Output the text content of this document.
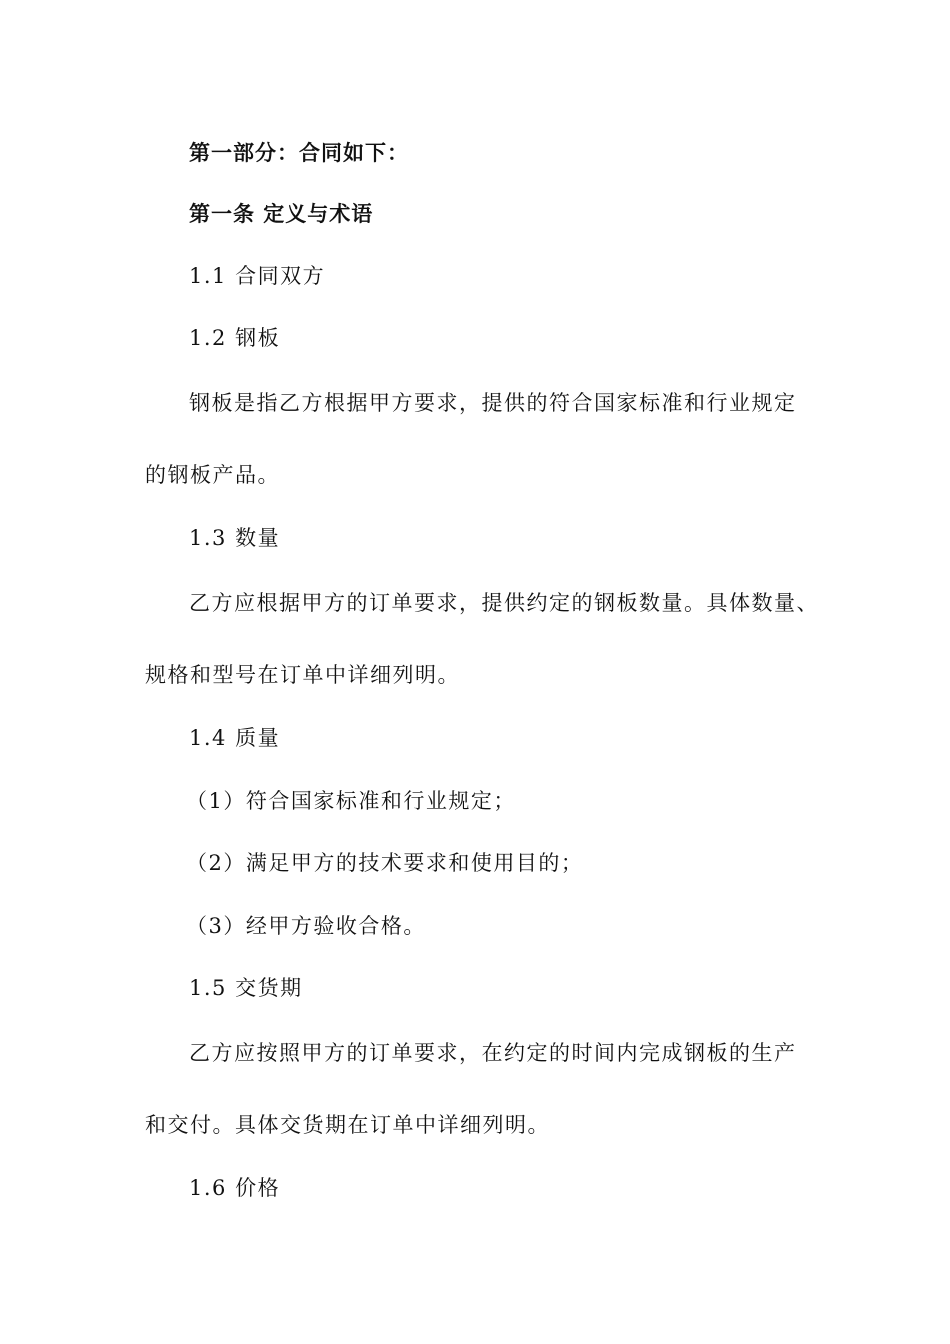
第一部分：合同如下：
第一条 定义与术语
1.1 合同双方
1.2 钢板
钢板是指乙方根据甲方要求，提供的符合国家标准和行业规定
的钢板产品。
1.3 数量
乙方应根据甲方的订单要求，提供约定的钢板数量。具体数量、
规格和型号在订单中详细列明。
1.4 质量
（1）符合国家标准和行业规定；
（2）满足甲方的技术要求和使用目的；
（3）经甲方验收合格。
1.5 交货期
乙方应按照甲方的订单要求，在约定的时间内完成钢板的生产
和交付。具体交货期在订单中详细列明。
1.6 价格
